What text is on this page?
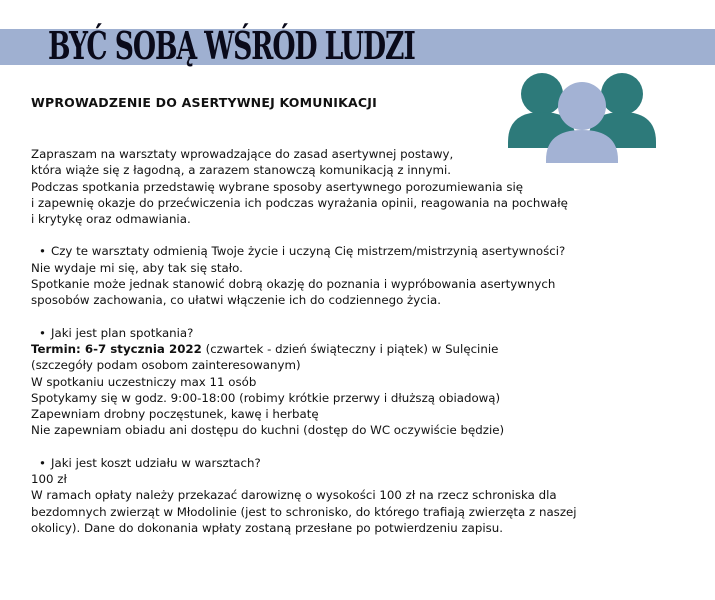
BYĆ SOBĄ WŚRÓD LUDZI
WPROWADZENIE DO ASERTYWNEJ KOMUNIKACJI

Zapraszam na warsztaty wprowadzające do zasad asertywnej postawy,

która wiąże się z łagodną, a zarazem stanowczą komunikacją z innymi.

Podczas spotkania przedstawię wybrane sposoby asertywnego porozumiewania się

i zapewnię okazje do przećwiczenia ich podczas wyrażania opinii, reagowania na pochwałę

i krytykę oraz odmawiania.

• Czy te warsztaty odmienią Twoje życie i uczyną Cię mistrzem/mistrzynią asertywności?

Nie wydaje mi się, aby tak się stało.

Spotkanie może jednak stanowić dobrą okazję do poznania i wypróbowania asertywnych

sposobów zachowania, co ułatwi włączenie ich do codziennego życia.

• Jaki jest plan spotkania?

Termin: 6-7 stycznia 2022 (czwartek - dzień świąteczny i piątek) w Sulęcinie

(szczegóły podam osobom zainteresowanym)

W spotkaniu uczestniczy max 11 osób

Spotykamy się w godz. 9:00-18:00 (robimy krótkie przerwy i dłuższą obiadową)

Zapewniam drobny poczęstunek, kawę i herbatę

Nie zapewniam obiadu ani dostępu do kuchni (dostęp do WC oczywiście będzie)

• Jaki jest koszt udziału w warsztach?

100 zł

W ramach opłaty należy przekazać darowiznę o wysokości 100 zł na rzecz schroniska dla

bezdomnych zwierząt w Młodolinie (jest to schronisko, do którego trafiają zwierzęta z naszej

okolicy). Dane do dokonania wpłaty zostaną przesłane po potwierdzeniu zapisu.
